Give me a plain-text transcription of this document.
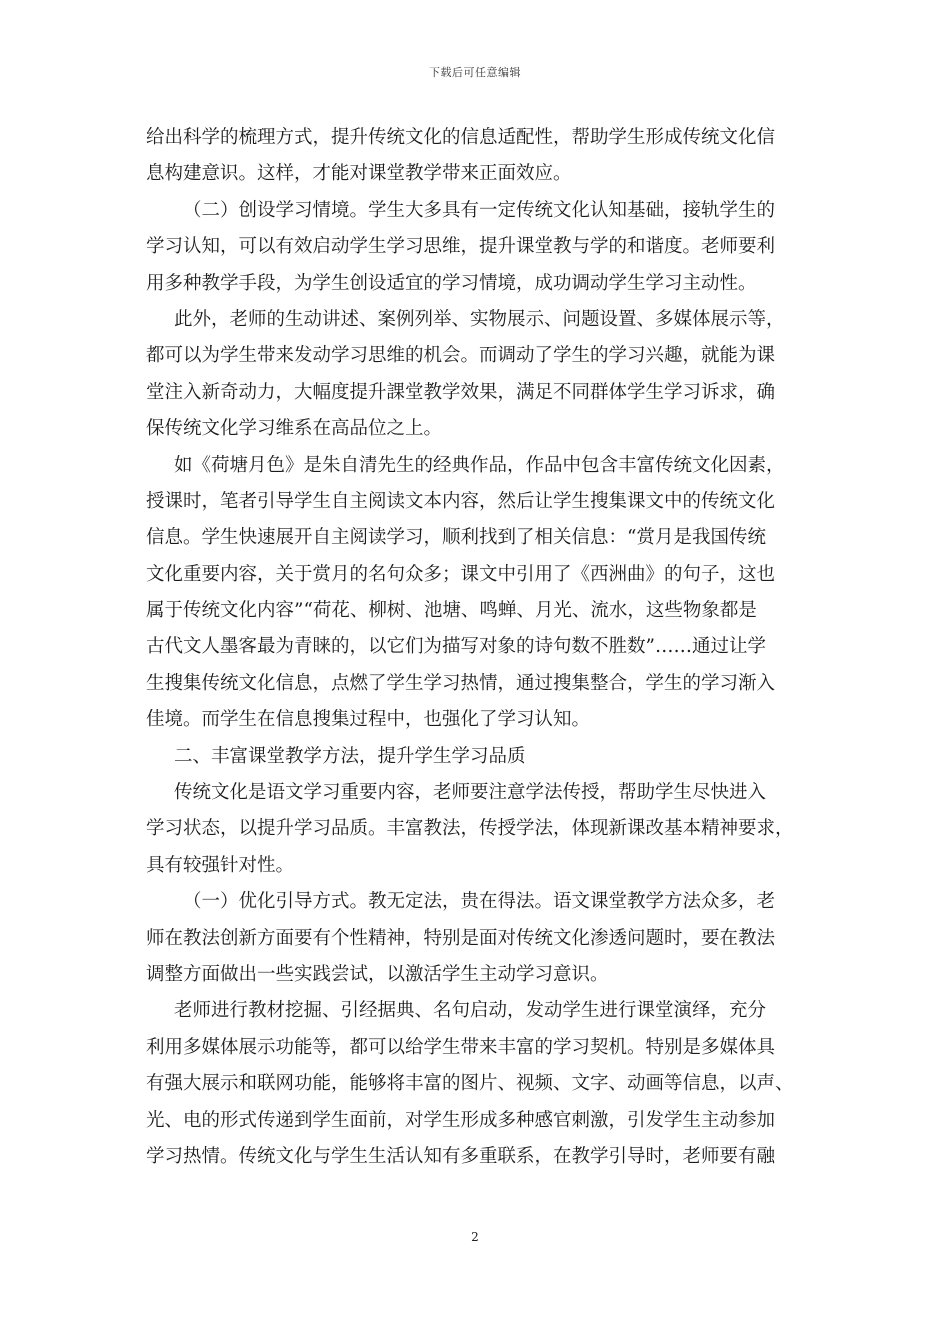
下载后可任意编辑
给出科学的梳理方式，提升传统文化的信息适配性，帮助学生形成传统文化信
息构建意识。这样，才能对课堂教学带来正面效应。
（二）创设学习情境。学生大多具有一定传统文化认知基础，接轨学生的
学习认知，可以有效启动学生学习思维，提升课堂教与学的和谐度。老师要利
用多种教学手段，为学生创设适宜的学习情境，成功调动学生学习主动性。
此外，老师的生动讲述、案例列举、实物展示、问题设置、多媒体展示等，
都可以为学生带来发动学习思维的机会。而调动了学生的学习兴趣，就能为课
堂注入新奇动力，大幅度提升課堂教学效果，满足不同群体学生学习诉求，确
保传统文化学习维系在高品位之上。
如《荷塘月色》是朱自清先生的经典作品，作品中包含丰富传统文化因素，
授课时，笔者引导学生自主阅读文本内容，然后让学生搜集课文中的传统文化
信息。学生快速展开自主阅读学习，顺利找到了相关信息：“赏月是我国传统
文化重要内容，关于赏月的名句众多；课文中引用了《西洲曲》的句子，这也
属于传统文化内容”“荷花、柳树、池塘、鸣蝉、月光、流水，这些物象都是
古代文人墨客最为青睐的，以它们为描写对象的诗句数不胜数”……通过让学
生搜集传统文化信息，点燃了学生学习热情，通过搜集整合，学生的学习渐入
佳境。而学生在信息搜集过程中，也强化了学习认知。
二、丰富课堂教学方法，提升学生学习品质
传统文化是语文学习重要内容，老师要注意学法传授，帮助学生尽快进入
学习状态，以提升学习品质。丰富教法，传授学法，体现新课改基本精神要求，
具有较强针对性。
（一）优化引导方式。教无定法，贵在得法。语文课堂教学方法众多，老
师在教法创新方面要有个性精神，特别是面对传统文化渗透问题时，要在教法
调整方面做出一些实践尝试，以激活学生主动学习意识。
老师进行教材挖掘、引经据典、名句启动，发动学生进行课堂演绎，充分
利用多媒体展示功能等，都可以给学生带来丰富的学习契机。特别是多媒体具
有强大展示和联网功能，能够将丰富的图片、视频、文字、动画等信息，以声、
光、电的形式传递到学生面前，对学生形成多种感官刺激，引发学生主动参加
学习热情。传统文化与学生生活认知有多重联系，在教学引导时，老师要有融
2
